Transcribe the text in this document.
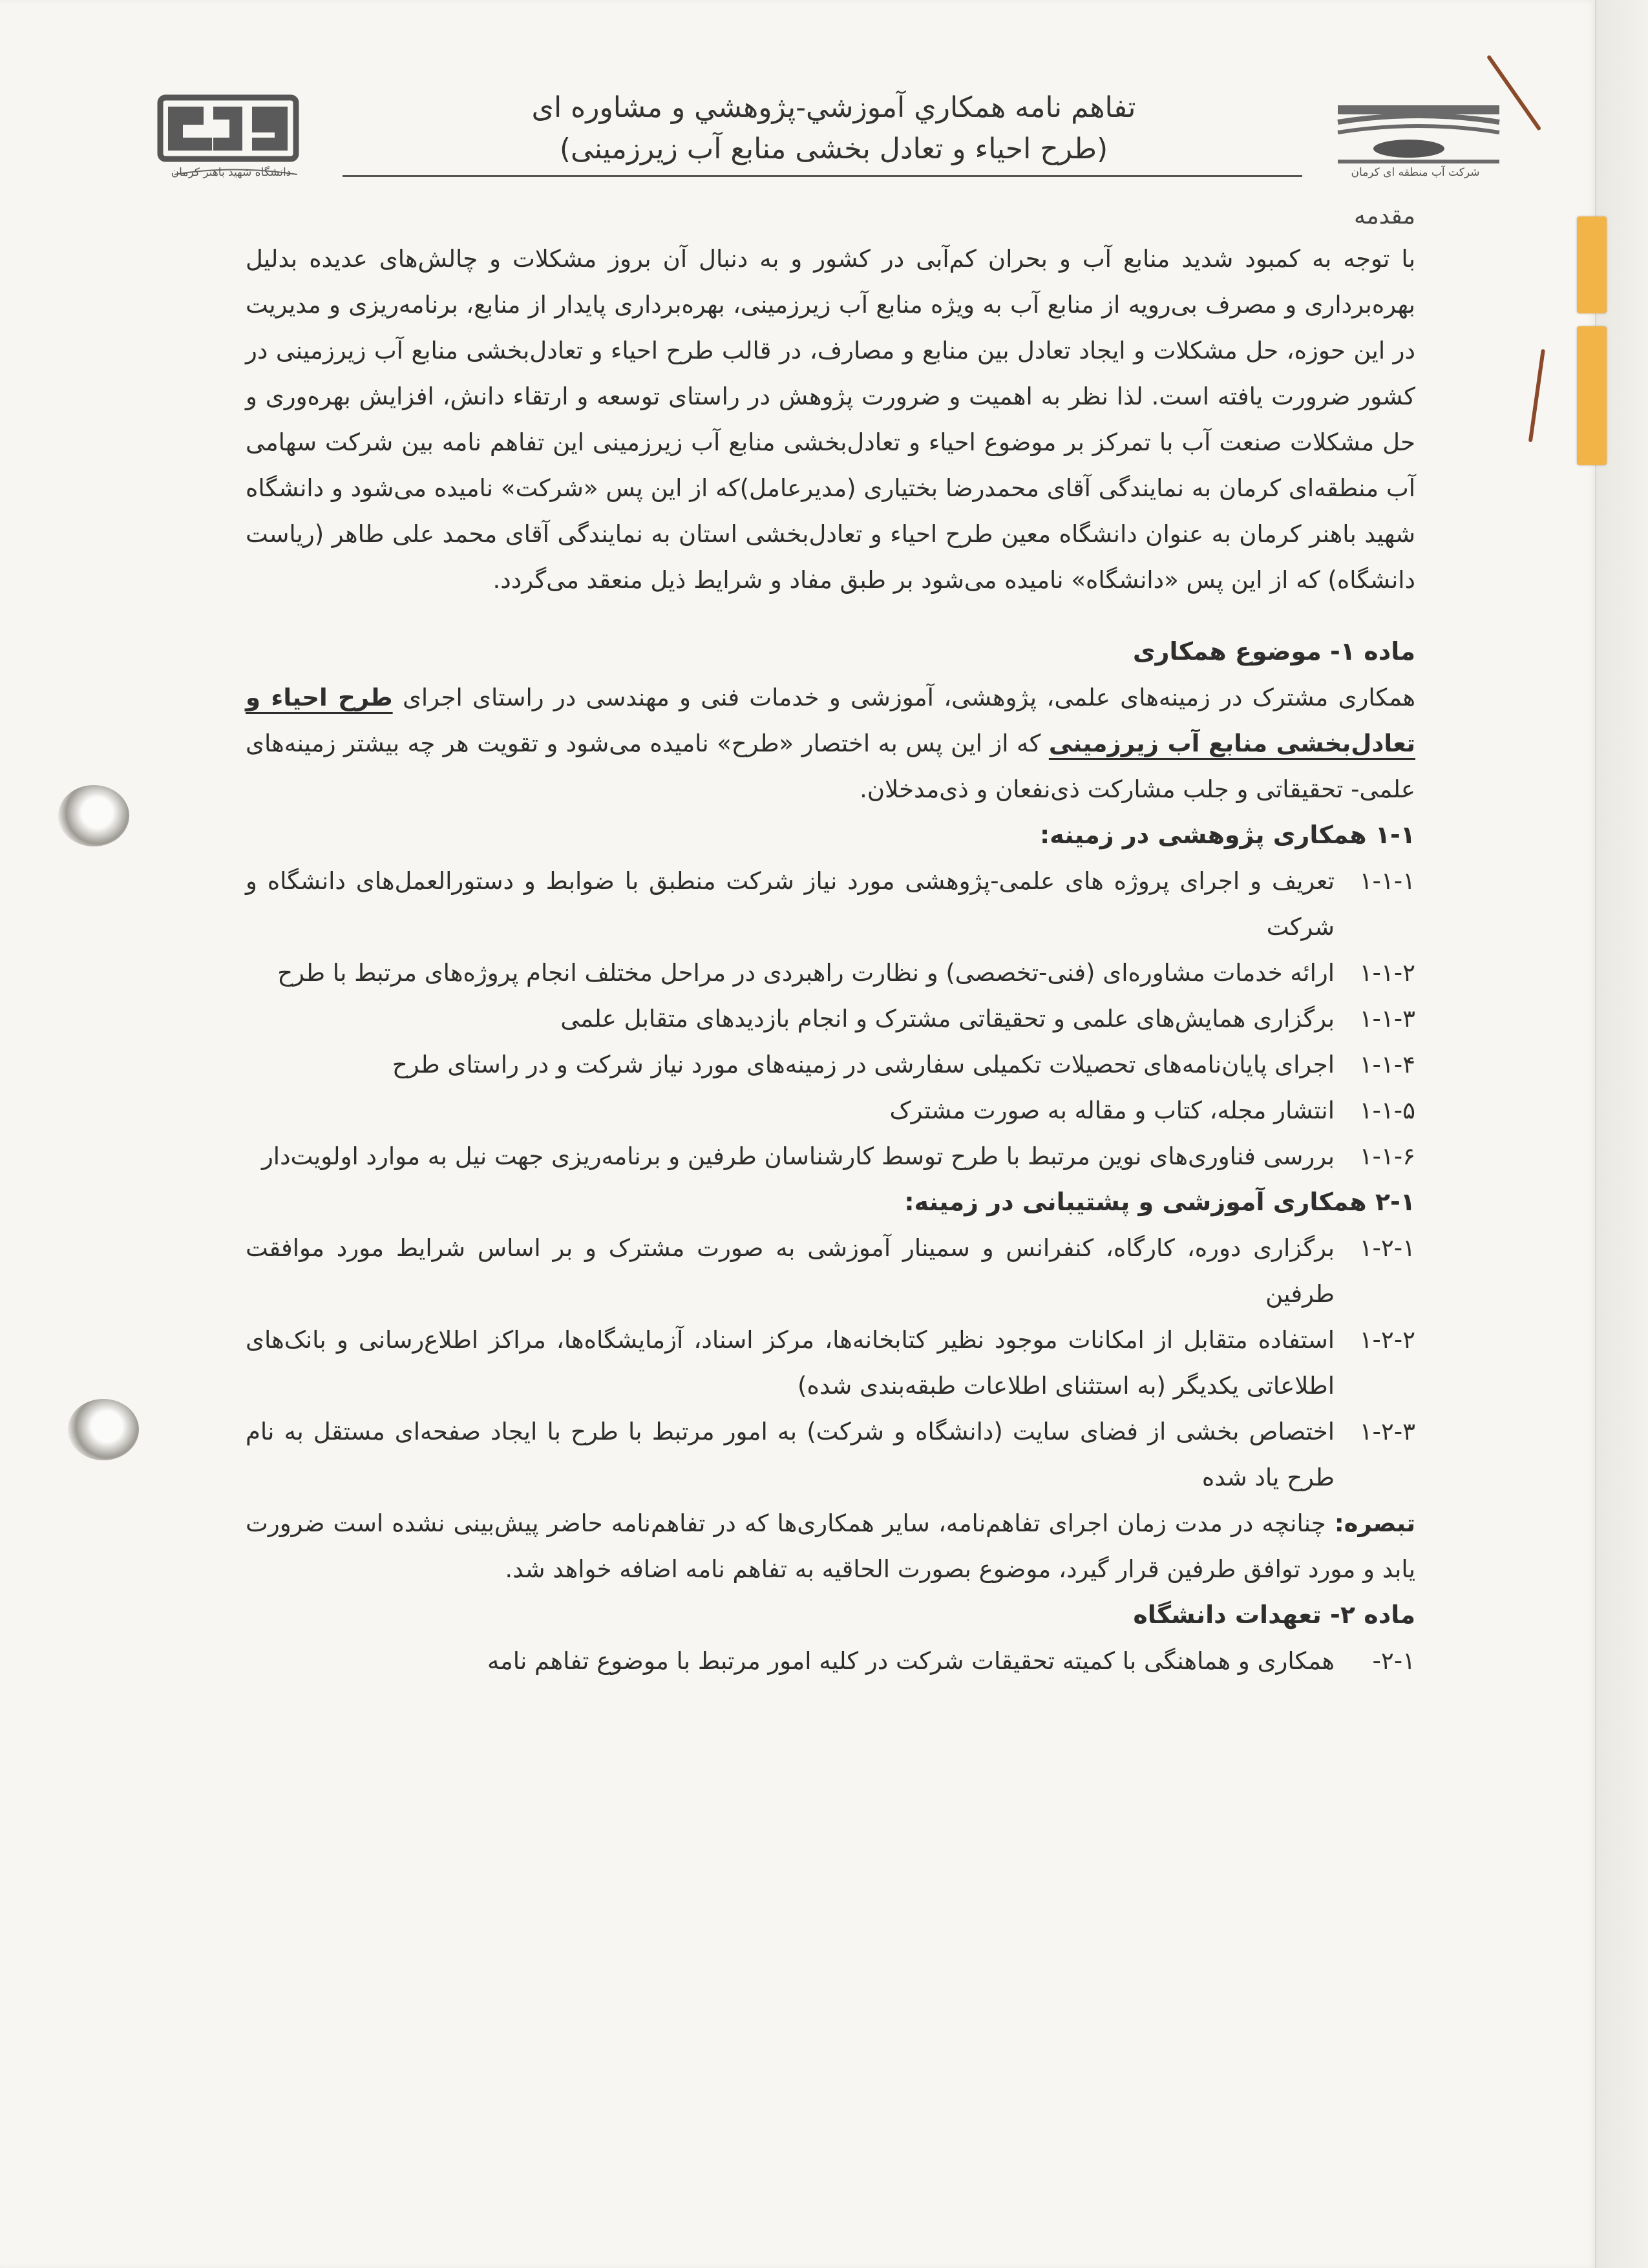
دانشگاه شهید باهنر کرمان
تفاهم نامه همكاري آموزشي-پژوهشي و مشاوره ای
(طرح احیاء و تعادل بخشی منابع آب زیرزمینی)
شرکت آب منطقه ای کرمان

مقدمه

با توجه به کمبود شدید منابع آب و بحران کم‌آبی در کشور و به دنبال آن بروز مشکلات و چالش‌های عدیده بدلیل بهره‌برداری و مصرف بی‌رویه از منابع آب به ویژه منابع آب زیرزمینی، بهره‌برداری پایدار از منابع، برنامه‌ریزی و مدیریت در این حوزه، حل مشکلات و ایجاد تعادل بین منابع و مصارف، در قالب طرح احیاء و تعادل‌بخشی منابع آب زیرزمینی در کشور ضرورت یافته است. لذا نظر به اهمیت و ضرورت پژوهش در راستای توسعه و ارتقاء دانش، افزایش بهره‌وری و حل مشکلات صنعت آب با تمرکز بر موضوع احیاء و تعادل‌بخشی منابع آب زیرزمینی این تفاهم نامه بین شرکت سهامی آب منطقه‌ای کرمان به نمایندگی آقای محمدرضا بختیاری (مدیرعامل)که از این پس «شرکت» نامیده می‌شود و دانشگاه شهید باهنر کرمان به عنوان دانشگاه معین طرح احیاء و تعادل‌بخشی استان به نمایندگی آقای محمد علی طاهر (ریاست دانشگاه) که از این پس «دانشگاه» نامیده می‌شود بر طبق مفاد و شرایط ذیل منعقد می‌گردد.

ماده ۱- موضوع همکاری

همکاری مشترک در زمینه‌های علمی، پژوهشی، آموزشی و خدمات فنی و مهندسی در راستای اجرای طرح احیاء و تعادل‌بخشی منابع آب زیرزمینی که از این پس به اختصار «طرح» نامیده می‌شود و تقویت هر چه بیشتر زمینه‌های علمی- تحقیقاتی و جلب مشارکت ذی‌نفعان و ذی‌مدخلان.

۱-۱ همکاری پژوهشی در زمینه:

۱-۱-۱
تعریف و اجرای پروژه های علمی-پژوهشی مورد نیاز شرکت منطبق با ضوابط و دستورالعمل‌های دانشگاه و شرکت
۱-۱-۲
ارائه خدمات مشاوره‌ای (فنی-تخصصی) و نظارت راهبردی در مراحل مختلف انجام پروژه‌های مرتبط با طرح
۱-۱-۳
برگزاری همایش‌های علمی و تحقیقاتی مشترک و انجام بازدیدهای متقابل علمی
۱-۱-۴
اجرای پایان‌نامه‌های تحصیلات تکمیلی سفارشی در زمینه‌های مورد نیاز شرکت و در راستای طرح
۱-۱-۵
انتشار مجله، کتاب و مقاله به صورت مشترک
۱-۱-۶
بررسی فناوری‌های نوین مرتبط با طرح توسط کارشناسان طرفین و برنامه‌ریزی جهت نیل به موارد اولویت‌دار

۲-۱ همکاری آموزشی و پشتیبانی در زمینه:

۱-۲-۱
برگزاری دوره، کارگاه، کنفرانس و سمینار آموزشی به صورت مشترک و بر اساس شرایط مورد موافقت طرفین
۱-۲-۲
استفاده متقابل از امکانات موجود نظیر کتابخانه‌ها، مرکز اسناد، آزمایشگاه‌ها، مراکز اطلاع‌رسانی و بانک‌های اطلاعاتی یکدیگر (به استثنای اطلاعات طبقه‌بندی شده)
۱-۲-۳
اختصاص بخشی از فضای سایت (دانشگاه و شرکت) به امور مرتبط با طرح با ایجاد صفحه‌ای مستقل به نام طرح یاد شده

تبصره: چنانچه در مدت زمان اجرای تفاهم‌نامه، سایر همکاری‌ها که در تفاهم‌نامه حاضر پیش‌بینی نشده است ضرورت یابد و مورد توافق طرفین قرار گیرد، موضوع بصورت الحاقیه به تفاهم نامه اضافه خواهد شد.

ماده ۲- تعهدات دانشگاه

۲-۱-
همکاری و هماهنگی با کمیته تحقیقات شرکت در کلیه امور مرتبط با موضوع تفاهم نامه
